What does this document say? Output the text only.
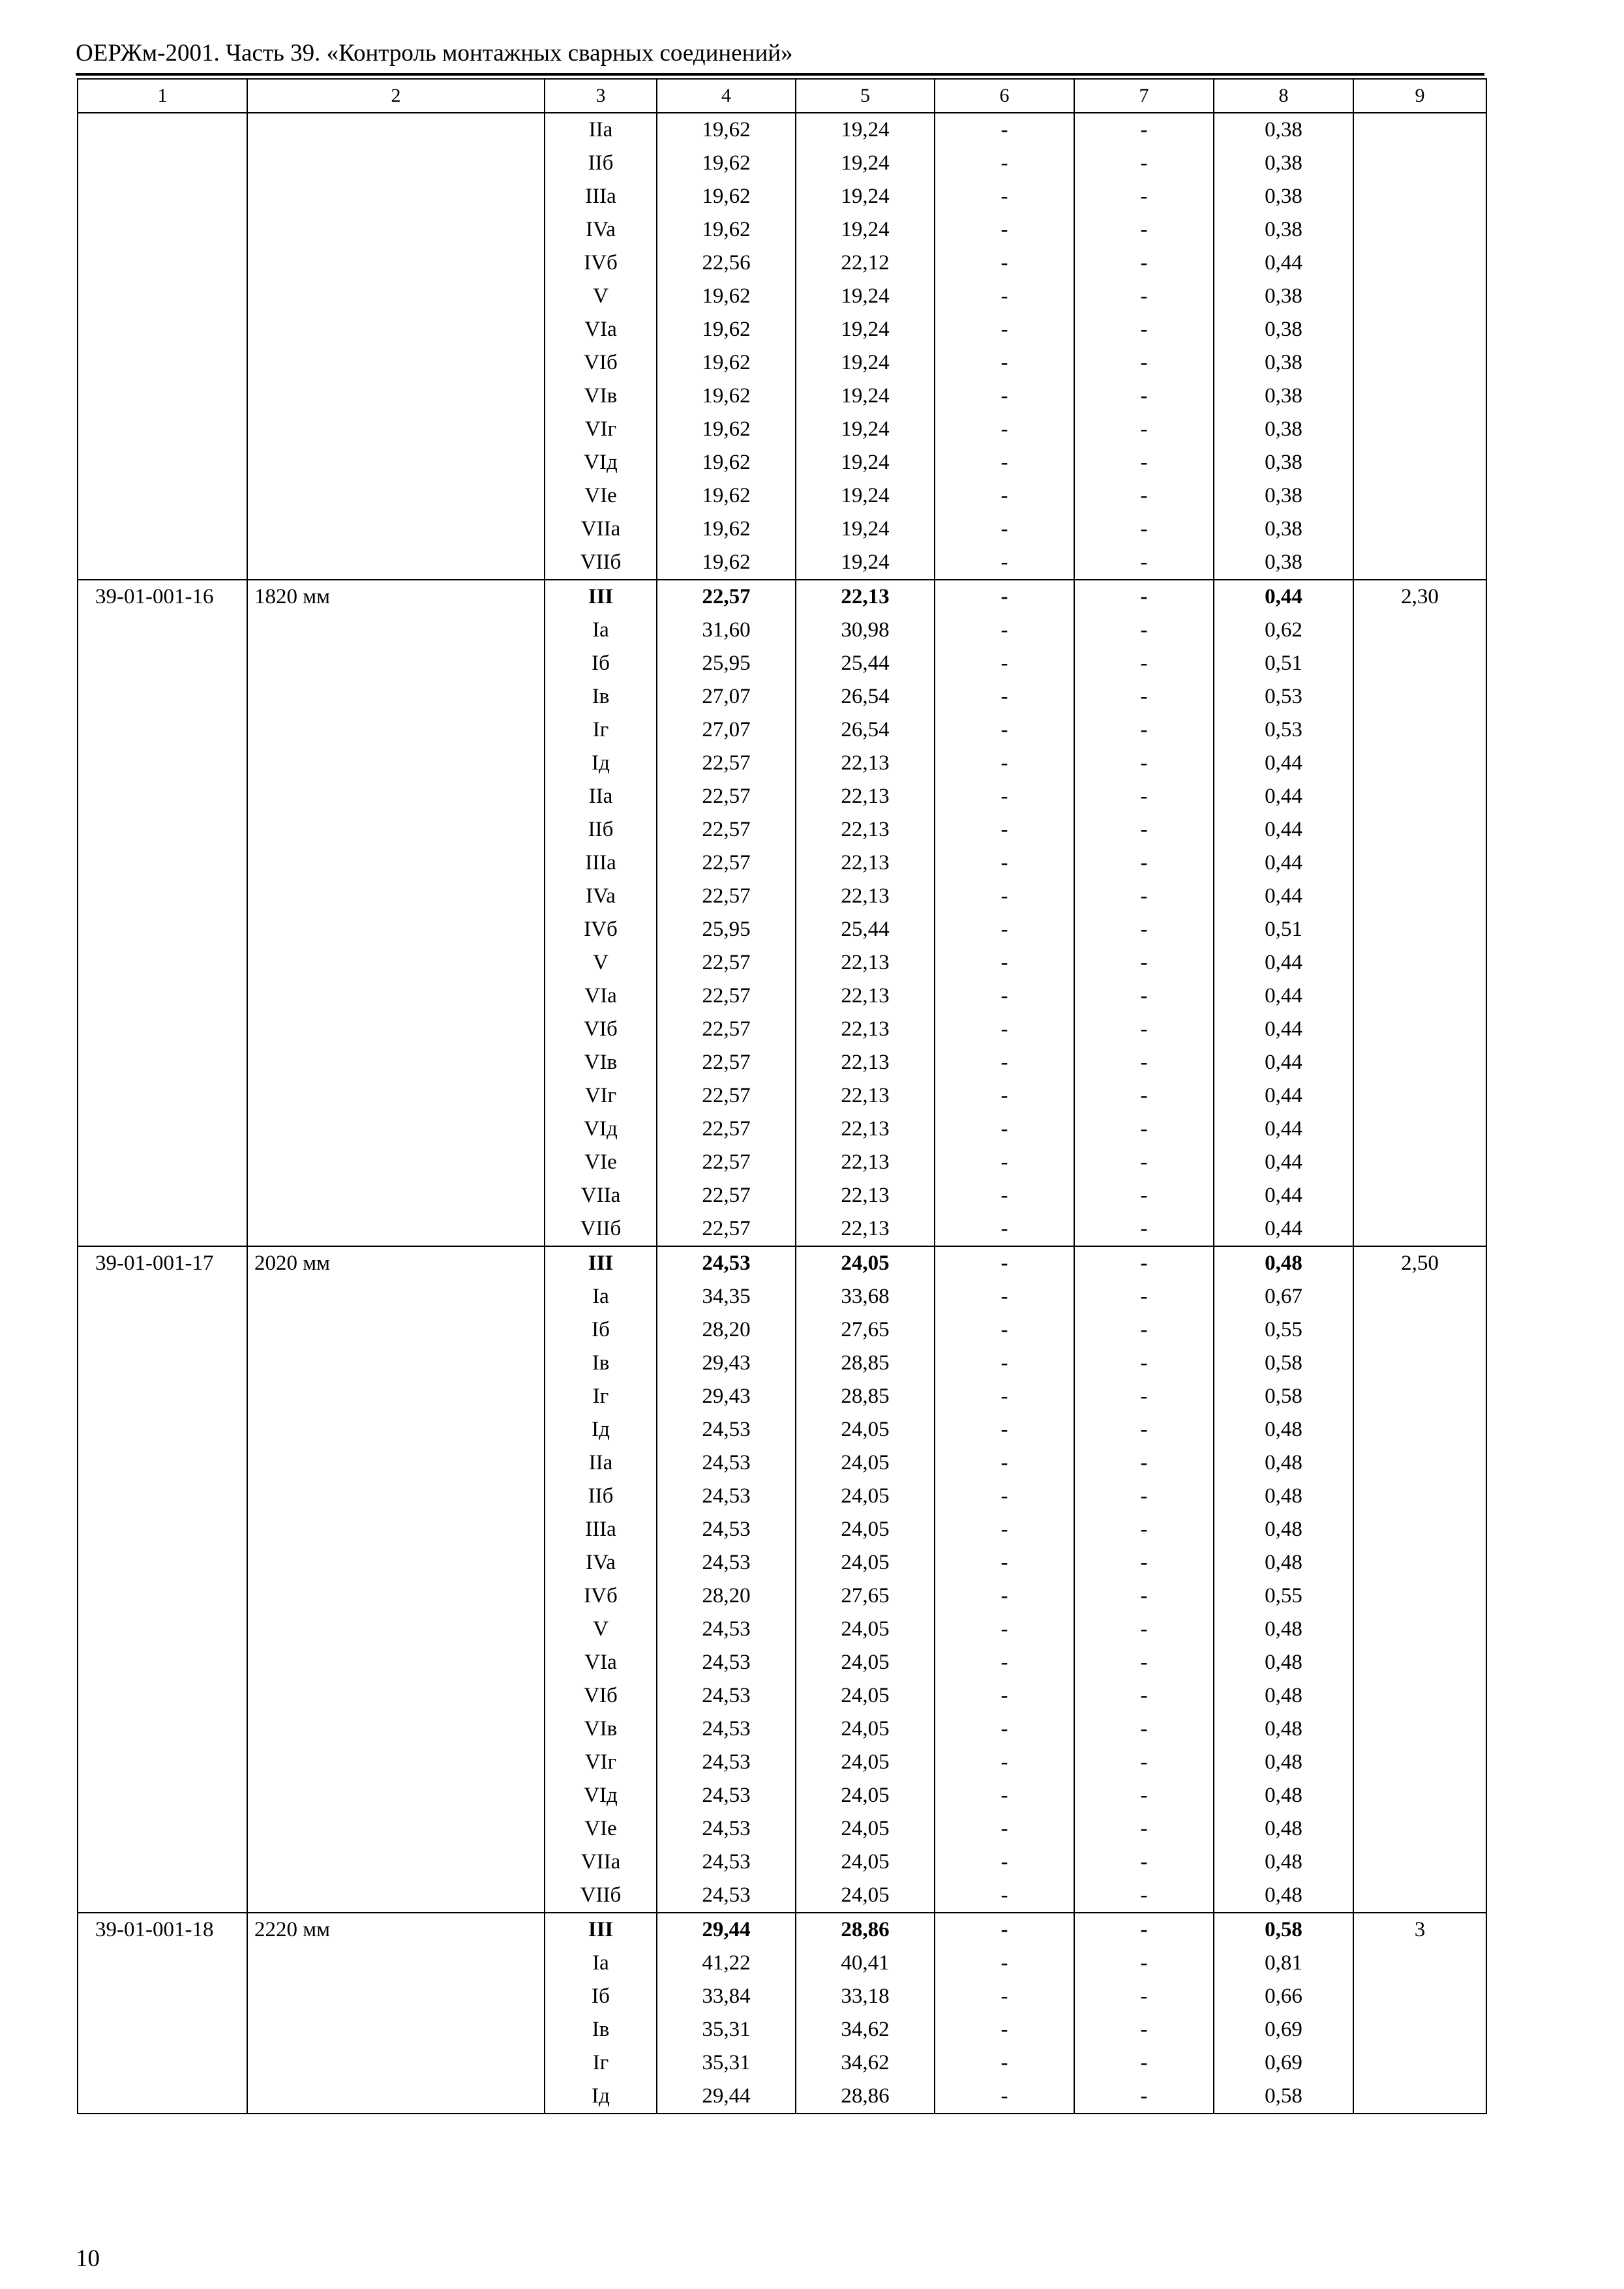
ОЕРЖм-2001. Часть 39. «Контроль монтажных сварных соединений»
1	2	3	4	5	6	7	8	9
		IIa	19,62	19,24	-	-	0,38	
		IIб	19,62	19,24	-	-	0,38	
		IIIa	19,62	19,24	-	-	0,38	
		IVa	19,62	19,24	-	-	0,38	
		IVб	22,56	22,12	-	-	0,44	
		V	19,62	19,24	-	-	0,38	
		VIa	19,62	19,24	-	-	0,38	
		VIб	19,62	19,24	-	-	0,38	
		VIв	19,62	19,24	-	-	0,38	
		VIг	19,62	19,24	-	-	0,38	
		VIд	19,62	19,24	-	-	0,38	
		VIe	19,62	19,24	-	-	0,38	
		VIIa	19,62	19,24	-	-	0,38	
		VIIб	19,62	19,24	-	-	0,38	
39-01-001-16	1820 мм	III	22,57	22,13	-	-	0,44	2,30
		Ia	31,60	30,98	-	-	0,62	
		Iб	25,95	25,44	-	-	0,51	
		Iв	27,07	26,54	-	-	0,53	
		Iг	27,07	26,54	-	-	0,53	
		Iд	22,57	22,13	-	-	0,44	
		IIa	22,57	22,13	-	-	0,44	
		IIб	22,57	22,13	-	-	0,44	
		IIIa	22,57	22,13	-	-	0,44	
		IVa	22,57	22,13	-	-	0,44	
		IVб	25,95	25,44	-	-	0,51	
		V	22,57	22,13	-	-	0,44	
		VIa	22,57	22,13	-	-	0,44	
		VIб	22,57	22,13	-	-	0,44	
		VIв	22,57	22,13	-	-	0,44	
		VIг	22,57	22,13	-	-	0,44	
		VIд	22,57	22,13	-	-	0,44	
		VIe	22,57	22,13	-	-	0,44	
		VIIa	22,57	22,13	-	-	0,44	
		VIIб	22,57	22,13	-	-	0,44	
39-01-001-17	2020 мм	III	24,53	24,05	-	-	0,48	2,50
		Ia	34,35	33,68	-	-	0,67	
		Iб	28,20	27,65	-	-	0,55	
		Iв	29,43	28,85	-	-	0,58	
		Iг	29,43	28,85	-	-	0,58	
		Iд	24,53	24,05	-	-	0,48	
		IIa	24,53	24,05	-	-	0,48	
		IIб	24,53	24,05	-	-	0,48	
		IIIa	24,53	24,05	-	-	0,48	
		IVa	24,53	24,05	-	-	0,48	
		IVб	28,20	27,65	-	-	0,55	
		V	24,53	24,05	-	-	0,48	
		VIa	24,53	24,05	-	-	0,48	
		VIб	24,53	24,05	-	-	0,48	
		VIв	24,53	24,05	-	-	0,48	
		VIг	24,53	24,05	-	-	0,48	
		VIд	24,53	24,05	-	-	0,48	
		VIe	24,53	24,05	-	-	0,48	
		VIIa	24,53	24,05	-	-	0,48	
		VIIб	24,53	24,05	-	-	0,48	
39-01-001-18	2220 мм	III	29,44	28,86	-	-	0,58	3
		Ia	41,22	40,41	-	-	0,81	
		Iб	33,84	33,18	-	-	0,66	
		Iв	35,31	34,62	-	-	0,69	
		Iг	35,31	34,62	-	-	0,69	
		Iд	29,44	28,86	-	-	0,58	
10
